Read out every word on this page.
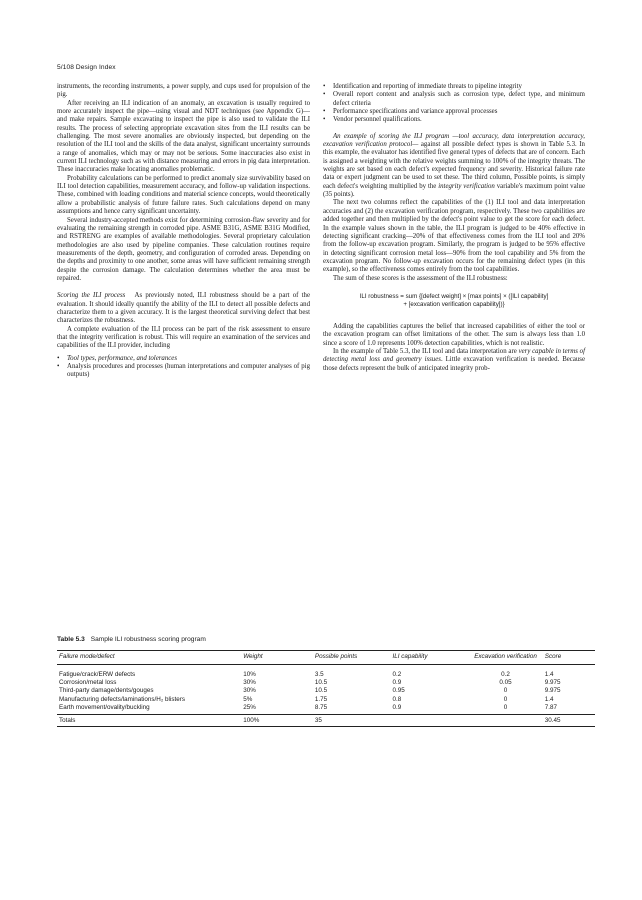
5/108 Design Index

instruments, the recording instruments, a power supply, and cups used for propulsion of the pig.

After receiving an ILI indication of an anomaly, an excavation is usually required to more accurately inspect the pipe—using visual and NDT techniques (see Appendix G)—and make repairs. Sample excavating to inspect the pipe is also used to validate the ILI results. The process of selecting appropriate excavation sites from the ILI results can be challenging. The most severe anomalies are obviously inspected, but depending on the resolution of the ILI tool and the skills of the data analyst, significant uncertainty surrounds a range of anomalies, which may or may not be serious. Some inaccuracies also exist in current ILI technology such as with distance measuring and errors in pig data interpretation. These inaccuracies make locating anomalies problematic.

Probability calculations can be performed to predict anomaly size survivability based on ILI tool detection capabilities, measurement accuracy, and follow-up validation inspections. These, combined with loading conditions and material science concepts, would theoretically allow a probabilistic analysis of future failure rates. Such calculations depend on many assumptions and hence carry significant uncertainty.

Several industry-accepted methods exist for determining corrosion-flaw severity and for evaluating the remaining strength in corroded pipe. ASME B31G, ASME B31G Modified, and RSTRENG are examples of available methodologies. Several proprietary calculation methodologies are also used by pipeline companies. These calculation routines require measurements of the depth, geometry, and configuration of corroded areas. Depending on the depths and proximity to one another, some areas will have sufficient remaining strength despite the corrosion damage. The calculation determines whether the area must be repaired.

Scoring the ILI process As previously noted, ILI robustness should be a part of the evaluation. It should ideally quantify the ability of the ILI to detect all possible defects and characterize them to a given accuracy. It is the largest theoretical surviving defect that best characterizes the robustness.

A complete evaluation of the ILI process can be part of the risk assessment to ensure that the integrity verification is robust. This will require an examination of the services and capabilities of the ILI provider, including

• Tool types, performance, and tolerances
• Analysis procedures and processes (human interpretations and computer analyses of pig outputs)
• Identification and reporting of immediate threats to pipeline integrity
• Overall report content and analysis such as corrosion type, defect type, and minimum defect criteria
• Performance specifications and variance approval processes
• Vendor personnel qualifications.

An example of scoring the ILI program —tool accuracy, data interpretation accuracy, excavation verification protocol— against all possible defect types is shown in Table 5.3. In this example, the evaluator has identified five general types of defects that are of concern. Each is assigned a weighting with the relative weights summing to 100% of the integrity threats. The weights are set based on each defect's expected frequency and severity. Historical failure rate data or expert judgment can be used to set these. The third column, Possible points, is simply each defect's weighting multiplied by the integrity verification variable's maximum point value (35 points).

The next two columns reflect the capabilities of the (1) ILI tool and data interpretation accuracies and (2) the excavation verification program, respectively. These two capabilities are added together and then multiplied by the defect's point value to get the score for each defect. In the example values shown in the table, the ILI program is judged to be 40% effective in detecting significant cracking—20% of that effectiveness comes from the ILI tool and 20% from the follow-up excavation program. Similarly, the program is judged to be 95% effective in detecting significant corrosion metal loss—90% from the tool capability and 5% from the excavation program. No follow-up excavation occurs for the remaining defect types (in this example), so the effectiveness comes entirely from the tool capabilities.

The sum of these scores is the assessment of the ILI robustness:

ILI robustness = sum {[defect weight] × [max points] × ([ILI capability]
+ [excavation verification capability])}

Adding the capabilities captures the belief that increased capabilities of either the tool or the excavation program can offset limitations of the other. The sum is always less than 1.0 since a score of 1.0 represents 100% detection capabilities, which is not realistic.

In the example of Table 5.3, the ILI tool and data interpretation are very capable in terms of detecting metal loss and geometry issues. Little excavation verification is needed. Because those defects represent the bulk of anticipated integrity prob-

Table 5.3 Sample ILI robustness scoring program
Failure mode/defect	Weight	Possible points	ILI capability	Excavation verification	Score
Fatigue/crack/ERW defects	10%	3.5	0.2	0.2	1.4
Corrosion/metal loss	30%	10.5	0.9	0.05	9.975
Third-party damage/dents/gouges	30%	10.5	0.95	0	9.975
Manufacturing defects/laminations/H₂ blisters	5%	1.75	0.8	0	1.4
Earth movement/ovality/buckling	25%	8.75	0.9	0	7.87
Totals	100%	35			30.45
